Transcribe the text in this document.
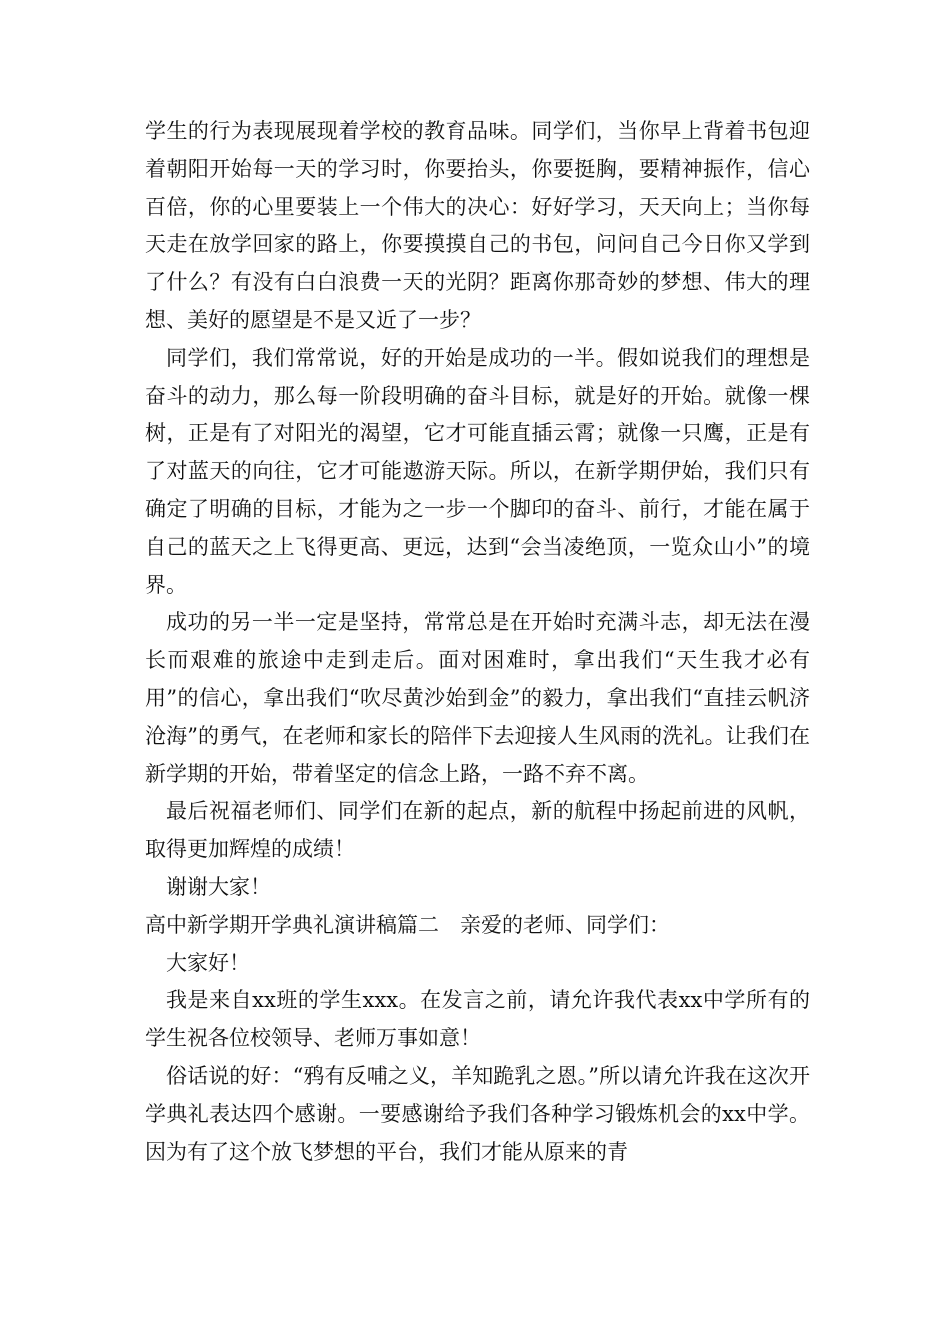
学生的行为表现展现着学校的教育品味。同学们，当你早上背着书包迎着朝阳开始每一天的学习时，你要抬头，你要挺胸，要精神振作，信心百倍，你的心里要装上一个伟大的决心：好好学习，天天向上；当你每天走在放学回家的路上，你要摸摸自己的书包，问问自己今日你又学到了什么？有没有白白浪费一天的光阴？距离你那奇妙的梦想、伟大的理想、美好的愿望是不是又近了一步？

同学们，我们常常说，好的开始是成功的一半。假如说我们的理想是奋斗的动力，那么每一阶段明确的奋斗目标，就是好的开始。就像一棵树，正是有了对阳光的渴望，它才可能直插云霄；就像一只鹰，正是有了对蓝天的向往，它才可能遨游天际。所以，在新学期伊始，我们只有确定了明确的目标，才能为之一步一个脚印的奋斗、前行，才能在属于自己的蓝天之上飞得更高、更远，达到“会当凌绝顶，一览众山小”的境界。

成功的另一半一定是坚持，常常总是在开始时充满斗志，却无法在漫长而艰难的旅途中走到走后。面对困难时，拿出我们“天生我才必有用”的信心，拿出我们“吹尽黄沙始到金”的毅力，拿出我们“直挂云帆济沧海”的勇气，在老师和家长的陪伴下去迎接人生风雨的洗礼。让我们在新学期的开始，带着坚定的信念上路，一路不弃不离。

最后祝福老师们、同学们在新的起点，新的航程中扬起前进的风帆，取得更加辉煌的成绩！

谢谢大家！

高中新学期开学典礼演讲稿篇二　亲爱的老师、同学们：

大家好！

我是来自xx班的学生xxx。在发言之前，请允许我代表xx中学所有的学生祝各位校领导、老师万事如意！

俗话说的好：“鸦有反哺之义，羊知跪乳之恩。”所以请允许我在这次开学典礼表达四个感谢。一要感谢给予我们各种学习锻炼机会的xx中学。因为有了这个放飞梦想的平台，我们才能从原来的青
